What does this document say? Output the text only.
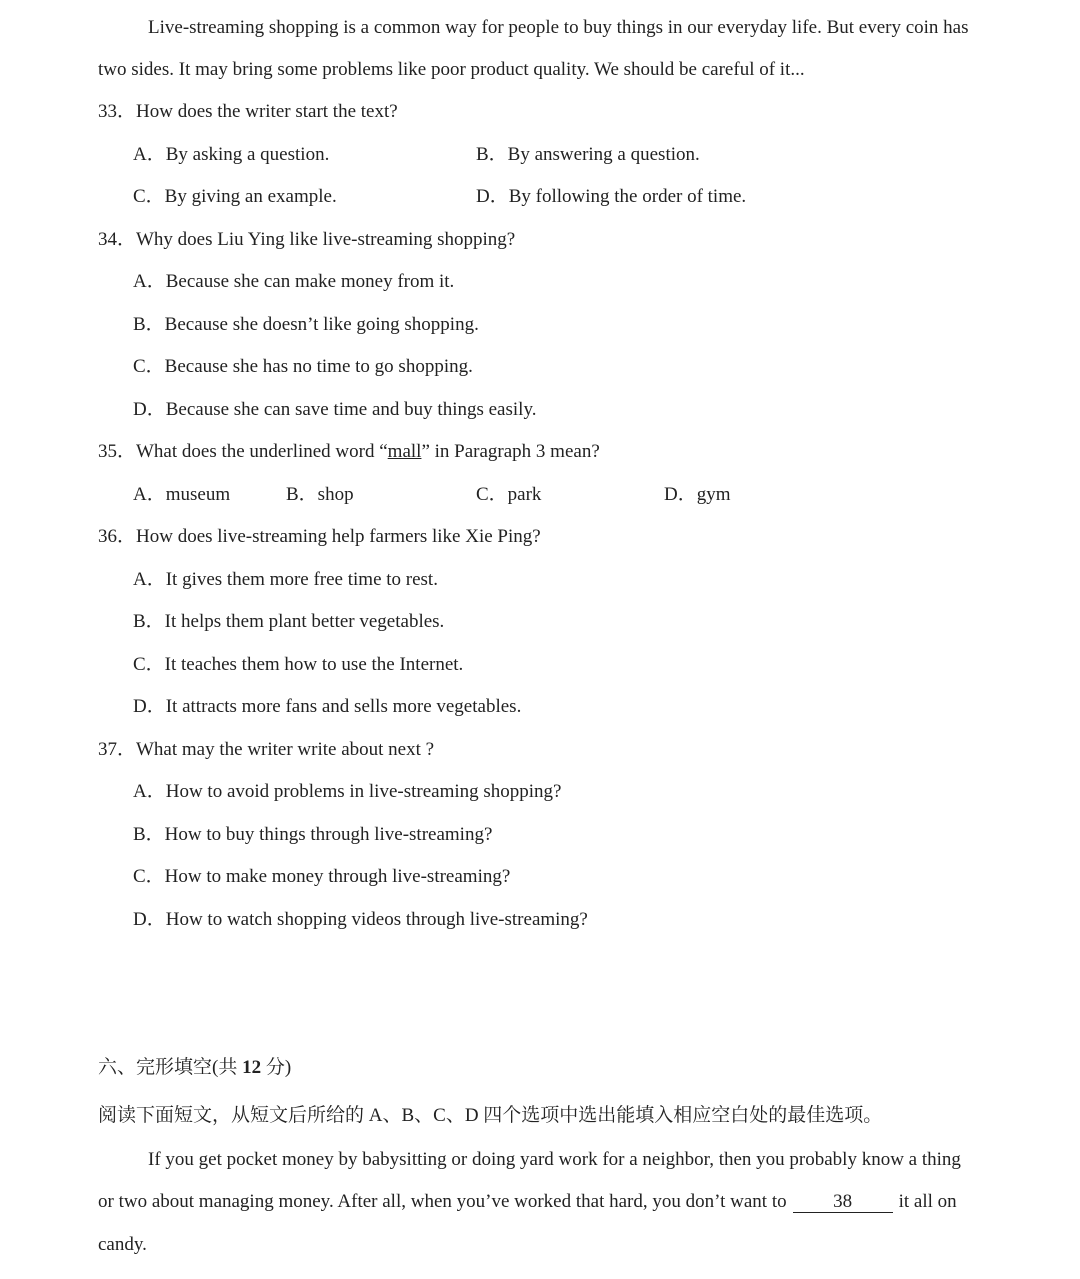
Live-streaming shopping is a common way for people to buy things in our everyday life. But every coin has
two sides. It may bring some problems like poor product quality. We should be careful of it...
33．How does the writer start the text?
A．By asking a question.	B．By answering a question.
C．By giving an example.	D．By following the order of time.
34．Why does Liu Ying like live-streaming shopping?
A．Because she can make money from it.
B．Because she doesn’t like going shopping.
C．Because she has no time to go shopping.
D．Because she can save time and buy things easily.
35．What does the underlined word “mall” in Paragraph 3 mean?
A．museum	B．shop	C．park	D．gym
36．How does live-streaming help farmers like Xie Ping?
A．It gives them more free time to rest.
B．It helps them plant better vegetables.
C．It teaches them how to use the Internet.
D．It attracts more fans and sells more vegetables.
37．What may the writer write about next ?
A．How to avoid problems in live-streaming shopping?
B．How to buy things through live-streaming?
C．How to make money through live-streaming?
D．How to watch shopping videos through live-streaming?
六、完形填空(共 12 分)
阅读下面短文，从短文后所给的 A、B、C、D 四个选项中选出能填入相应空白处的最佳选项。
If you get pocket money by babysitting or doing yard work for a neighbor, then you probably know a thing
or two about managing money. After all, when you’ve worked that hard, you don’t want to 38 it all on
candy.
